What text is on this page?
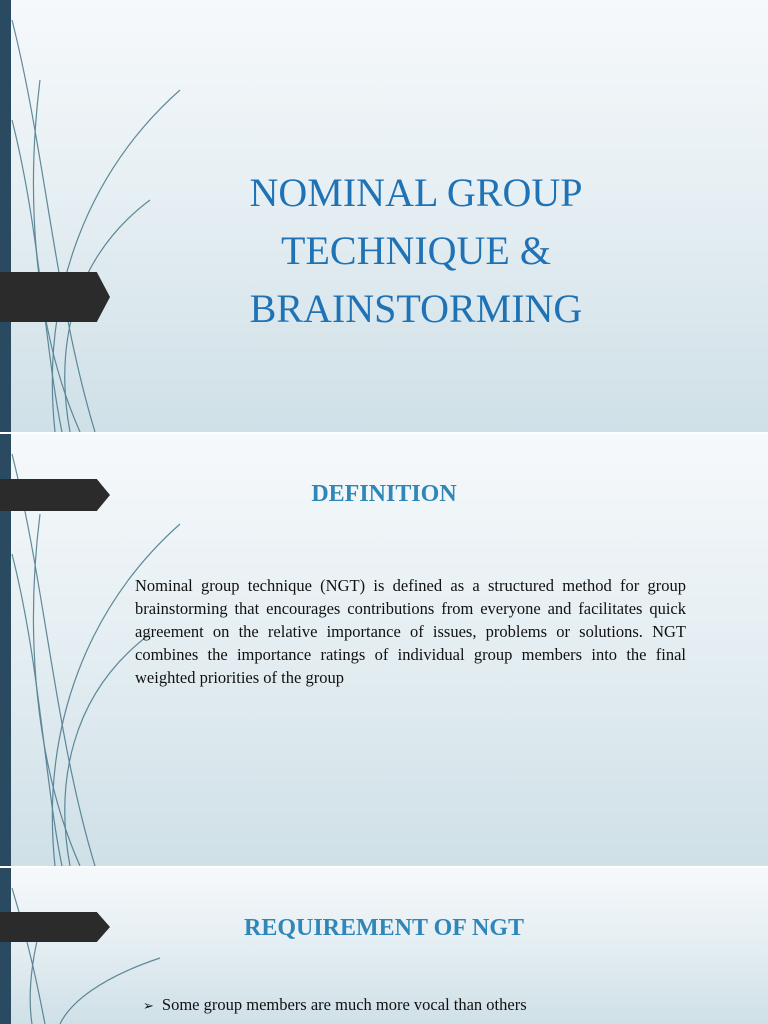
NOMINAL GROUP
TECHNIQUE &
BRAINSTORMING
DEFINITION

Nominal group technique (NGT) is defined as a structured method for group brainstorming that encourages contributions from everyone and facilitates quick agreement on the relative importance of issues, problems or solutions. NGT combines the importance ratings of individual group members into the final weighted priorities of the group

REQUIREMENT OF NGT

➢ Some group members are much more vocal than others
